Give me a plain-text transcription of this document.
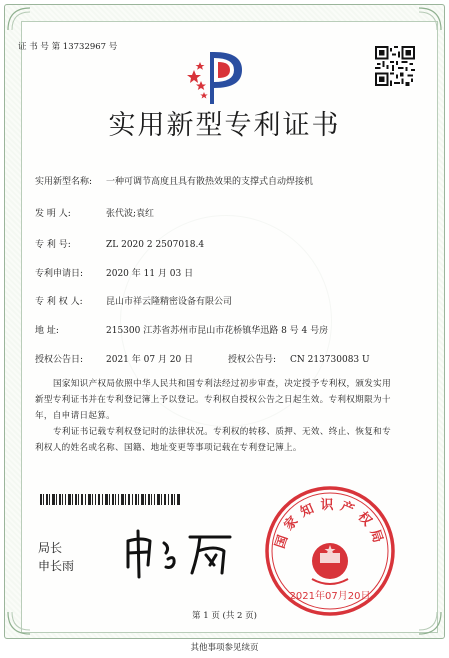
证 书 号 第 13732967 号
实用新型专利证书
实用新型名称: 一种可调节高度且具有散热效果的支撑式自动焊接机
发 明 人:	张代波;袁红
专 利 号:	ZL 2020 2 2507018.4
专利申请日:	2020 年 11 月 03 日
专 利 权 人:	昆山市祥云隆精密设备有限公司
地 址:	215300 江苏省苏州市昆山市花桥镇华迅路 8 号 4 号房
授权公告日:	2021 年 07 月 20 日	授权公告号: CN 213730083 U
国家知识产权局依照中华人民共和国专利法经过初步审查，决定授予专利权，颁发实用
新型专利证书并在专利登记簿上予以登记。专利权自授权公告之日起生效。专利权期限为十
年，自申请日起算。
专利证书记载专利权登记时的法律状况。专利权的转移、质押、无效、终止、恢复和专
利权人的姓名或名称、国籍、地址变更等事项记载在专利登记簿上。
局长
申长雨
国家知识产权局
2021年07月20日
第 1 页 (共 2 页)
其他事项参见续页
